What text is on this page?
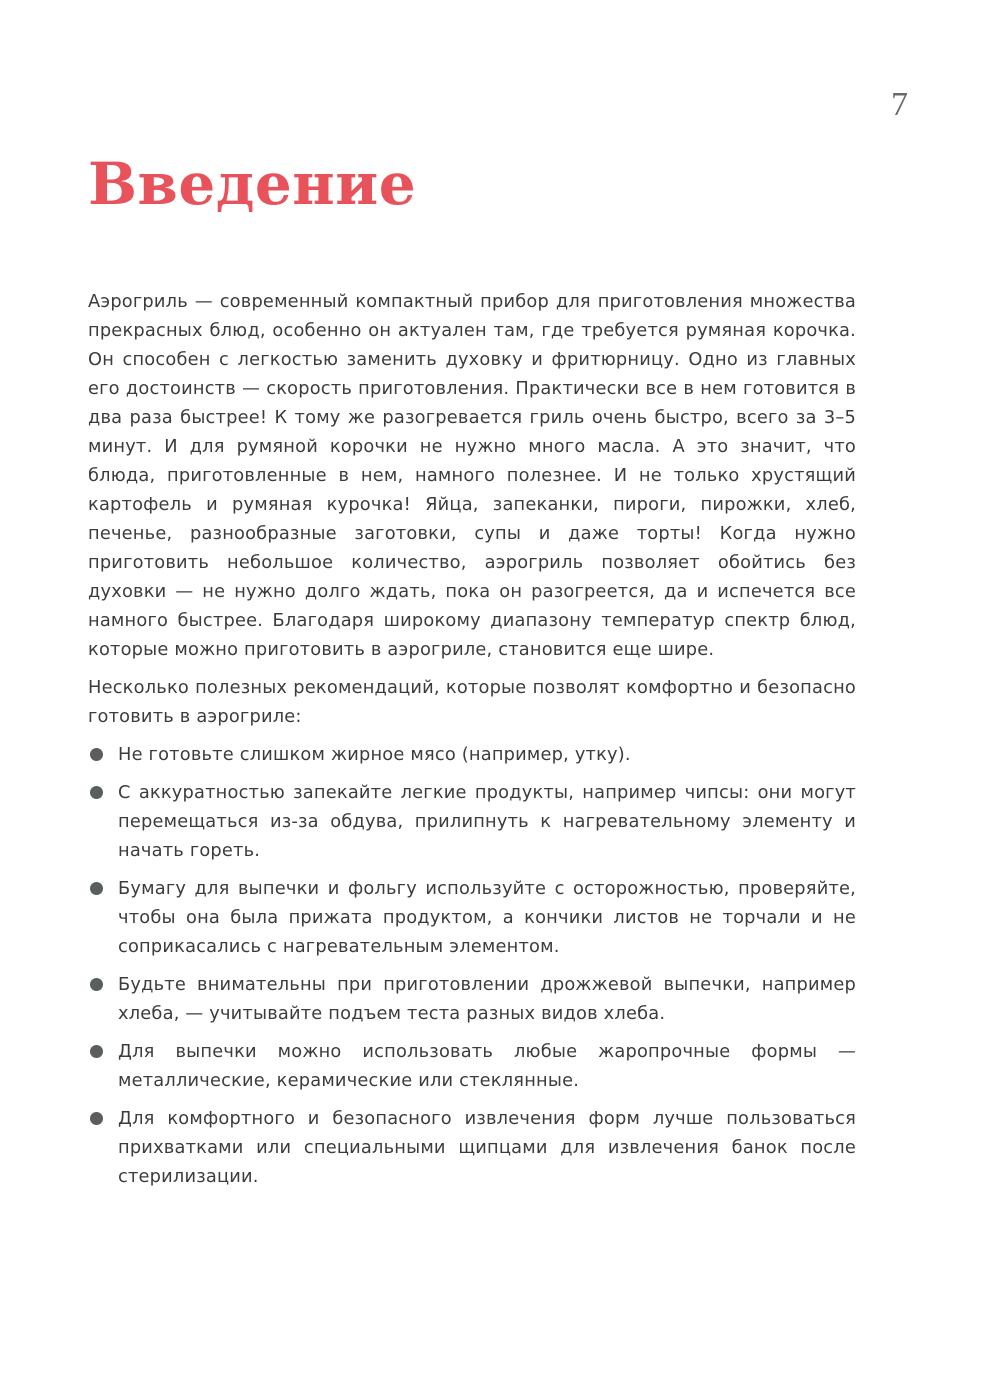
7
Введение

Аэрогриль — современный компактный прибор для приготовления множества прекрасных блюд, особенно он актуален там, где требуется румяная корочка. Он способен с легкостью заменить духовку и фритюрницу. Одно из главных его достоинств — скорость приготовления. Практически все в нем готовится в два раза быстрее! К тому же разогревается гриль очень быстро, всего за 3–5 минут. И для румяной корочки не нужно много масла. А это значит, что блюда, приготовленные в нем, намного полезнее. И не только хрустящий картофель и румяная курочка! Яйца, запеканки, пироги, пирожки, хлеб, печенье, разнообразные заготовки, супы и даже торты! Когда нужно приготовить небольшое количество, аэрогриль позволяет обойтись без духовки — не нужно долго ждать, пока он разогреется, да и испечется все намного быстрее. Благодаря широкому диапазону температур спектр блюд, которые можно приготовить в аэрогриле, становится еще шире.

Несколько полезных рекомендаций, которые позволят комфортно и безопасно готовить в аэрогриле:

Не готовьте слишком жирное мясо (например, утку).
С аккуратностью запекайте легкие продукты, например чипсы: они могут перемещаться из-за обдува, прилипнуть к нагревательному элементу и начать гореть.
Бумагу для выпечки и фольгу используйте с осторожностью, проверяйте, чтобы она была прижата продуктом, а кончики листов не торчали и не соприкасались с нагревательным элементом.
Будьте внимательны при приготовлении дрожжевой выпечки, например хлеба, — учитывайте подъем теста разных видов хлеба.
Для выпечки можно использовать любые жаропрочные формы — металлические, керамические или стеклянные.
Для комфортного и безопасного извлечения форм лучше пользоваться прихватками или специальными щипцами для извлечения банок после стерилизации.
